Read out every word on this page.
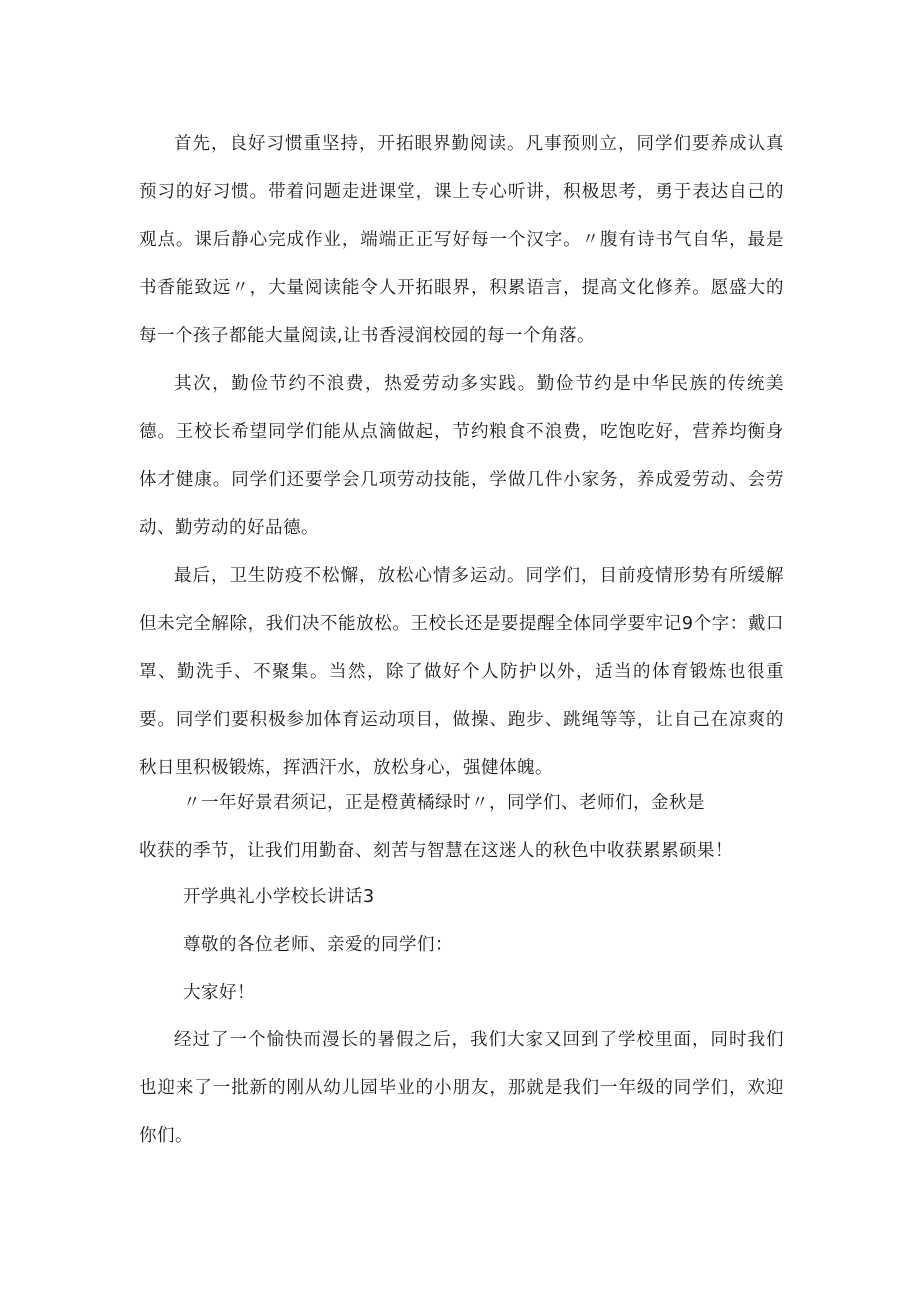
首先，良好习惯重坚持，开拓眼界勤阅读。凡事预则立，同学们要养成认真预习的好习惯。带着问题走进课堂，课上专心听讲，积极思考，勇于表达自己的观点。课后静心完成作业，端端正正写好每一个汉字。〃腹有诗书气自华，最是书香能致远〃，大量阅读能令人开拓眼界，积累语言，提高文化修养。愿盛大的每一个孩子都能大量阅读,让书香浸润校园的每一个角落。

其次，勤俭节约不浪费，热爱劳动多实践。勤俭节约是中华民族的传统美德。王校长希望同学们能从点滴做起，节约粮食不浪费，吃饱吃好，营养均衡身体才健康。同学们还要学会几项劳动技能，学做几件小家务，养成爱劳动、会劳动、勤劳动的好品德。

最后，卫生防疫不松懈，放松心情多运动。同学们，目前疫情形势有所缓解但未完全解除，我们决不能放松。王校长还是要提醒全体同学要牢记9个字：戴口罩、勤洗手、不聚集。当然，除了做好个人防护以外，适当的体育锻炼也很重要。同学们要积极参加体育运动项目，做操、跑步、跳绳等等，让自己在凉爽的秋日里积极锻炼，挥洒汗水，放松身心，强健体魄。

〃一年好景君须记，正是橙黄橘绿时〃，同学们、老师们，金秋是

收获的季节，让我们用勤奋、刻苦与智慧在这迷人的秋色中收获累累硕果！

开学典礼小学校长讲话3

尊敬的各位老师、亲爱的同学们：

大家好！

经过了一个愉快而漫长的暑假之后，我们大家又回到了学校里面，同时我们也迎来了一批新的刚从幼儿园毕业的小朋友，那就是我们一年级的同学们，欢迎你们。
